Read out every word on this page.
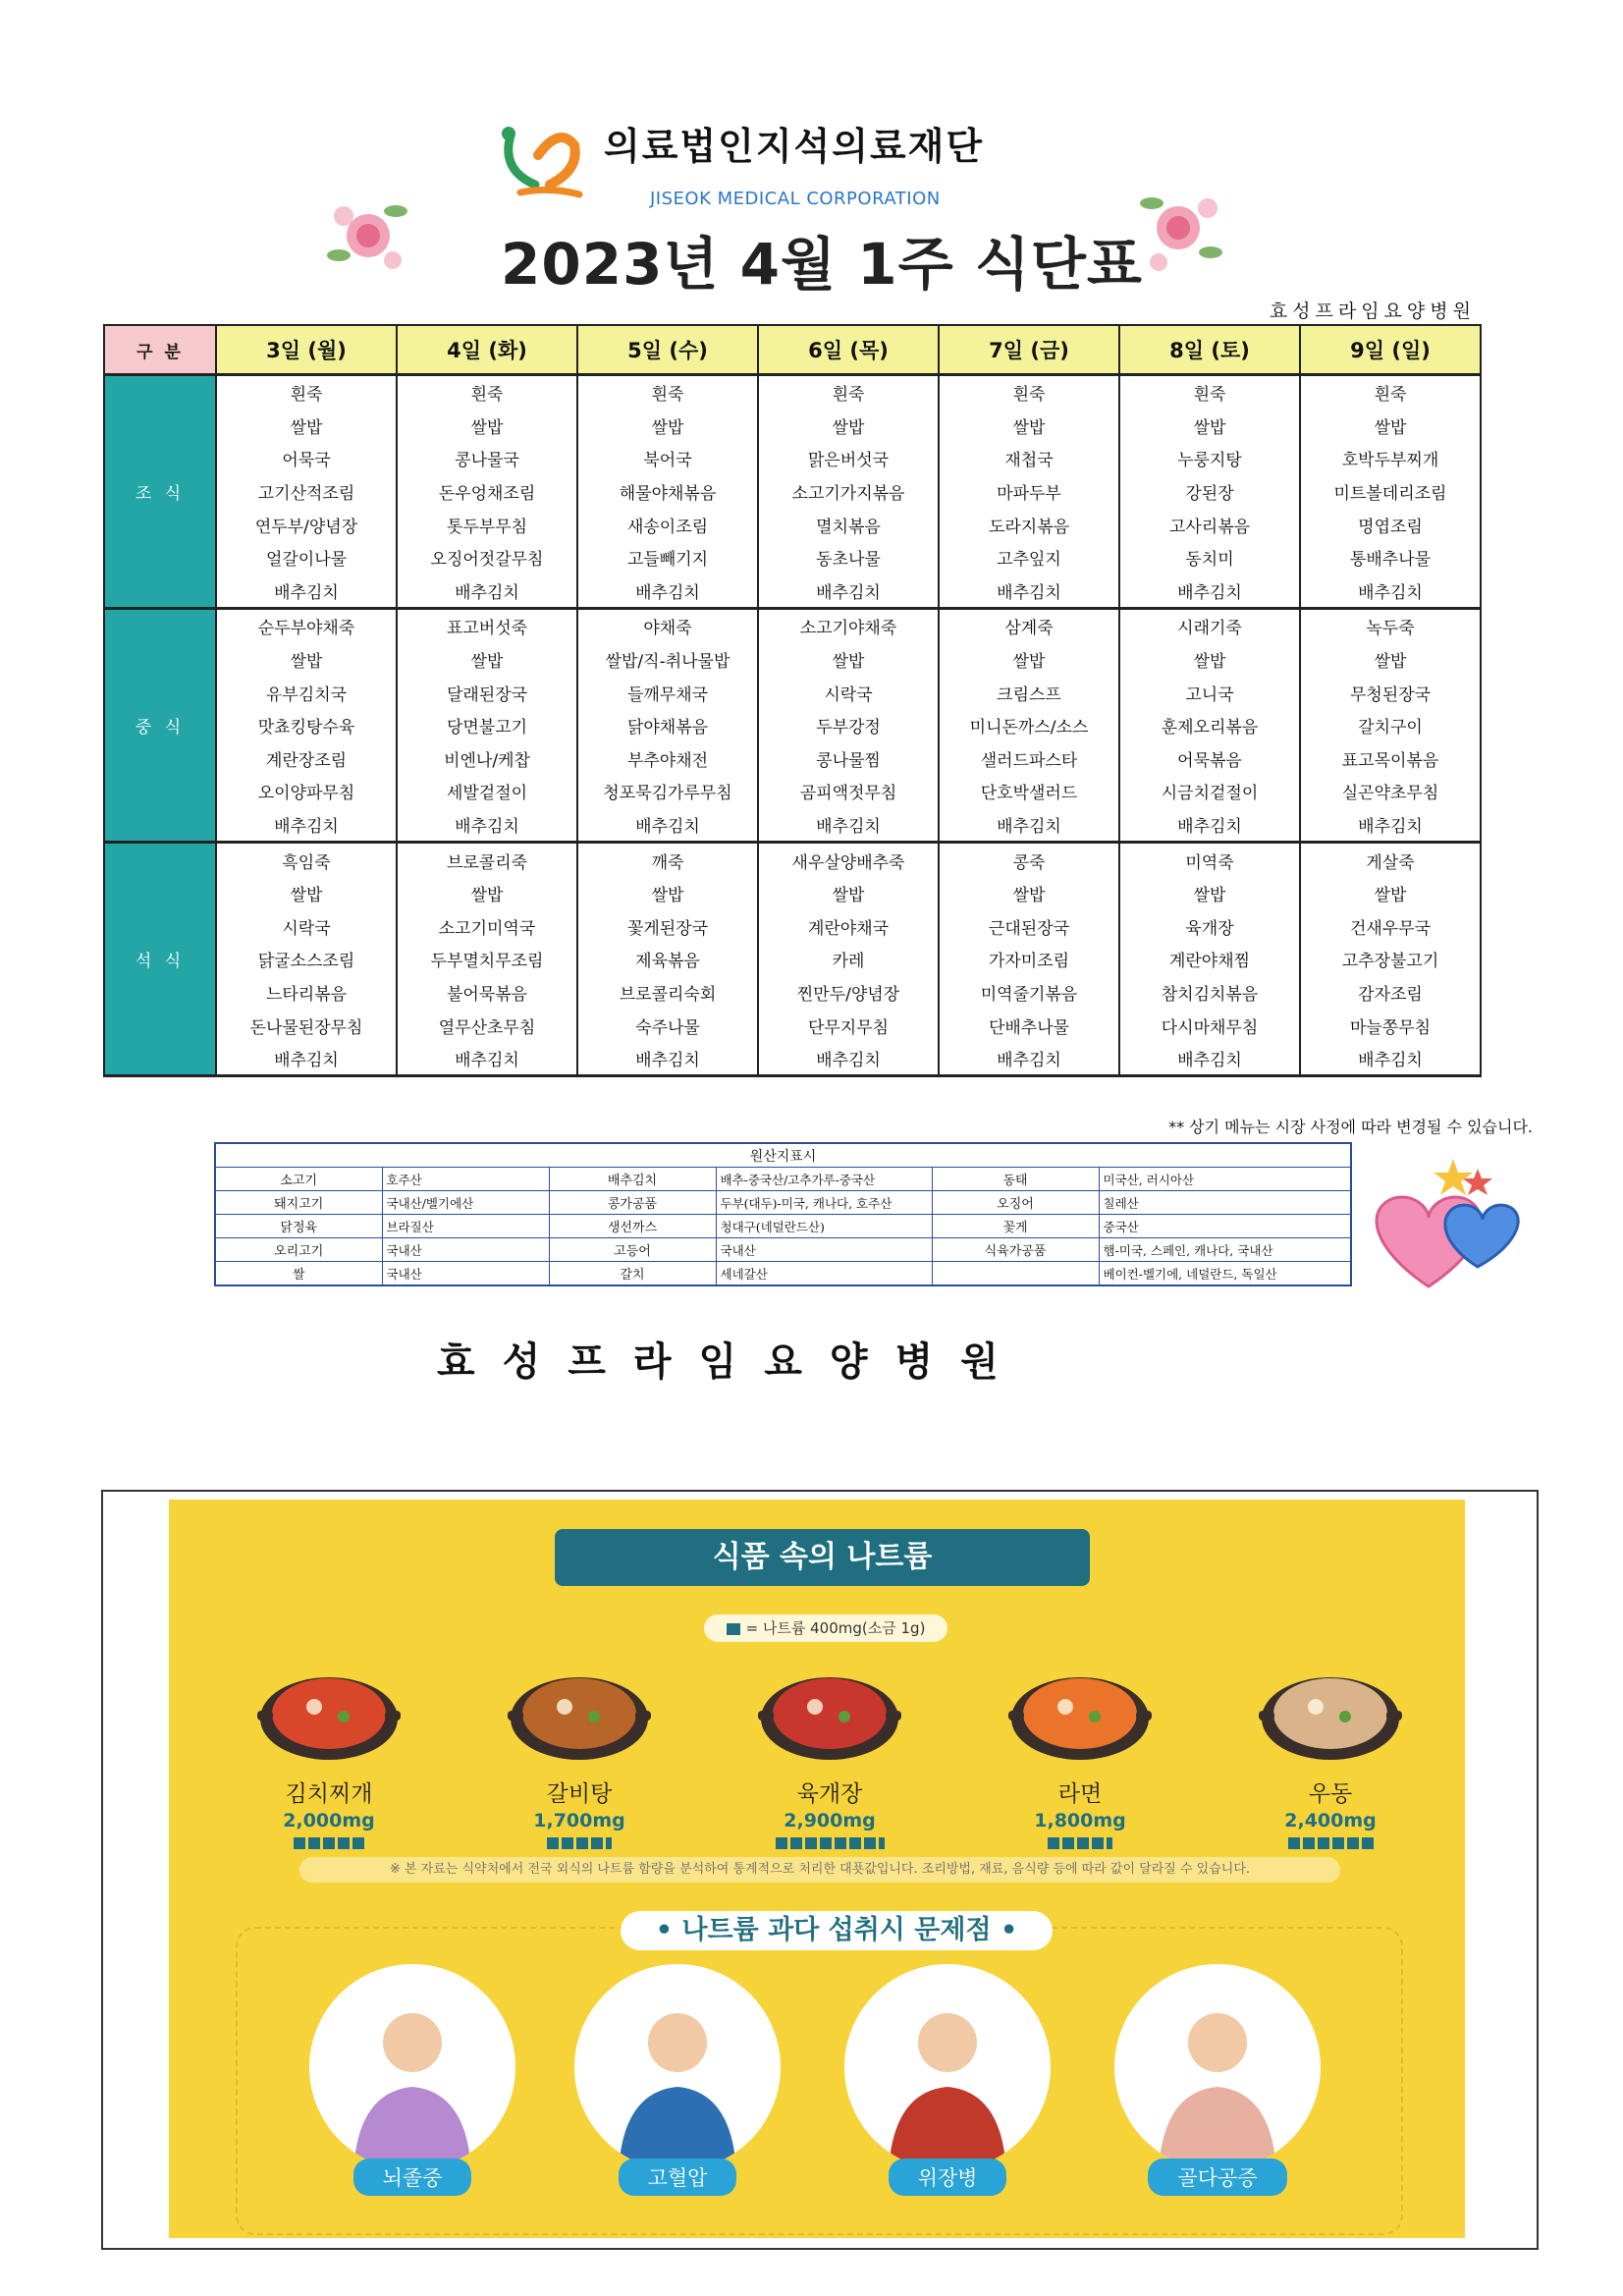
의료법인지석의료재단
JISEOK MEDICAL CORPORATION
2023년 4월 1주 식단표
효성프라임요양병원
구 분	3일 (월)	4일 (화)	5일 (수)	6일 (목)	7일 (금)	8일 (토)	9일 (일)
조 식	흰죽	흰죽	흰죽	흰죽	흰죽	흰죽	흰죽
	쌀밥	쌀밥	쌀밥	쌀밥	쌀밥	쌀밥	쌀밥
	어묵국	콩나물국	북어국	맑은버섯국	재첩국	누룽지탕	호박두부찌개
	고기산적조림	돈우엉채조림	해물야채볶음	소고기가지볶음	마파두부	강된장	미트볼데리조림
	연두부/양념장	톳두부무침	새송이조림	멸치볶음	도라지볶음	고사리볶음	명엽조림
	얼갈이나물	오징어젓갈무침	고들빼기지	동초나물	고추잎지	동치미	통배추나물
	배추김치	배추김치	배추김치	배추김치	배추김치	배추김치	배추김치
중 식	순두부야채죽	표고버섯죽	야채죽	소고기야채죽	삼계죽	시래기죽	녹두죽
	쌀밥	쌀밥	쌀밥/직-취나물밥	쌀밥	쌀밥	쌀밥	쌀밥
	유부김치국	달래된장국	들깨무채국	시락국	크림스프	고니국	무청된장국
	맛쵸킹탕수육	당면불고기	닭야채볶음	두부강정	미니돈까스/소스	훈제오리볶음	갈치구이
	계란장조림	비엔나/케찹	부추야채전	콩나물찜	샐러드파스타	어묵볶음	표고목이볶음
	오이양파무침	세발겉절이	청포묵김가루무침	곰피액젓무침	단호박샐러드	시금치겉절이	실곤약초무침
	배추김치	배추김치	배추김치	배추김치	배추김치	배추김치	배추김치
석 식	흑임죽	브로콜리죽	깨죽	새우살양배추죽	콩죽	미역죽	게살죽
	쌀밥	쌀밥	쌀밥	쌀밥	쌀밥	쌀밥	쌀밥
	시락국	소고기미역국	꽃게된장국	계란야채국	근대된장국	육개장	건새우무국
	닭굴소스조림	두부멸치무조림	제육볶음	카레	가자미조림	계란야채찜	고추장불고기
	느타리볶음	불어묵볶음	브로콜리숙회	찐만두/양념장	미역줄기볶음	참치김치볶음	감자조림
	돈나물된장무침	열무산초무침	숙주나물	단무지무침	단배추나물	다시마채무침	마늘쫑무침
	배추김치	배추김치	배추김치	배추김치	배추김치	배추김치	배추김치
** 상기 메뉴는 시장 사정에 따라 변경될 수 있습니다.
원산지표시					
소고기	호주산	배추김치	배추-중국산/고추가루-중국산	동태	미국산, 러시아산
돼지고기	국내산/벨기에산	콩가공품	두부(대두)-미국, 캐나다, 호주산	오징어	칠레산
닭정육	브라질산	생선까스	청대구(네덜란드산)	꽃게	중국산
오리고기	국내산	고등어	국내산	식육가공품	햄-미국, 스페인, 캐나다, 국내산
쌀	국내산	갈치	세네갈산		베이컨-벨기에, 네덜란드, 독일산
효성프라임요양병원
식품 속의 나트륨
= 나트륨 400mg(소금 1g)
김치찌개
2,000mg
갈비탕
1,700mg
육개장
2,900mg
라면
1,800mg
우동
2,400mg
※ 본 자료는 식약처에서 전국 외식의 나트륨 함량을 분석하여 통계적으로 처리한 대푯값입니다. 조리방법, 재료, 음식량 등에 따라 값이 달라질 수 있습니다.
• 나트륨 과다 섭취시 문제점 •
뇌졸중	고혈압	위장병	골다공증
